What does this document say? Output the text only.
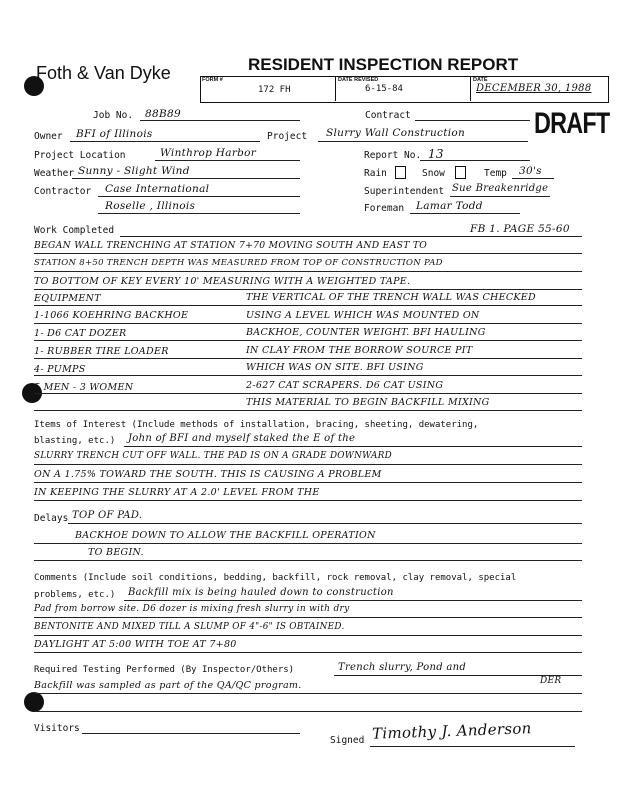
Foth & Van Dyke	RESIDENT INSPECTION REPORT
FORM #
172 FH
DATE REVISED
6-15-84
DATE
DECEMBER 30, 1988
DRAFT
Job No. 88B89	Contract
Owner BFI of Illinois	Project Slurry Wall Construction
Project Location	Winthrop Harbor	Report No. 13
Weather Sunny - Slight Wind	Rain	Snow	Temp 30's
Contractor Case International
Roselle , Illinois
Superintendent Sue Breakenridge
Foreman Lamar Todd
Work Completed	FB 1. PAGE 55-60
BEGAN WALL TRENCHING AT STATION 7+70 MOVING SOUTH AND EAST TO
STATION 8+50 TRENCH DEPTH WAS MEASURED FROM TOP OF CONSTRUCTION PAD
TO BOTTOM OF KEY EVERY 10' MEASURING WITH A WEIGHTED TAPE.
EQUIPMENT	THE VERTICAL OF THE TRENCH WALL WAS CHECKED
1-1066 KOEHRING BACKHOE	USING A LEVEL WHICH WAS MOUNTED ON
1- D6 CAT DOZER	BACKHOE, COUNTER WEIGHT. BFI HAULING
1- RUBBER TIRE LOADER	IN CLAY FROM THE BORROW SOURCE PIT
4- PUMPS	WHICH WAS ON SITE. BFI USING
5 MEN - 3 WOMEN	2-627 CAT SCRAPERS. D6 CAT USING
THIS MATERIAL TO BEGIN BACKFILL MIXING
Items of Interest (Include methods of installation, bracing, sheeting, dewatering,
blasting, etc.) John of BFI and myself staked the E of the
SLURRY TRENCH CUT OFF WALL. THE PAD IS ON A GRADE DOWNWARD
ON A 1.75% TOWARD THE SOUTH. THIS IS CAUSING A PROBLEM
IN KEEPING THE SLURRY AT A 2.0' LEVEL FROM THE
Delays TOP OF PAD.
BACKHOE DOWN TO ALLOW THE BACKFILL OPERATION
TO BEGIN.
Comments (Include soil conditions, bedding, backfill, rock removal, clay removal, special
problems, etc.) Backfill mix is being hauled down to construction
Pad from borrow site. D6 dozer is mixing fresh slurry in with dry
BENTONITE AND MIXED TILL A SLUMP OF 4"-6" IS OBTAINED.
DAYLIGHT AT 5:00 WITH TOE AT 7+80
Required Testing Performed (By Inspector/Others)	Trench slurry, Pond and
Backfill was sampled as part of the QA/QC program.	DER
Visitors
Signed Timothy J. Anderson
